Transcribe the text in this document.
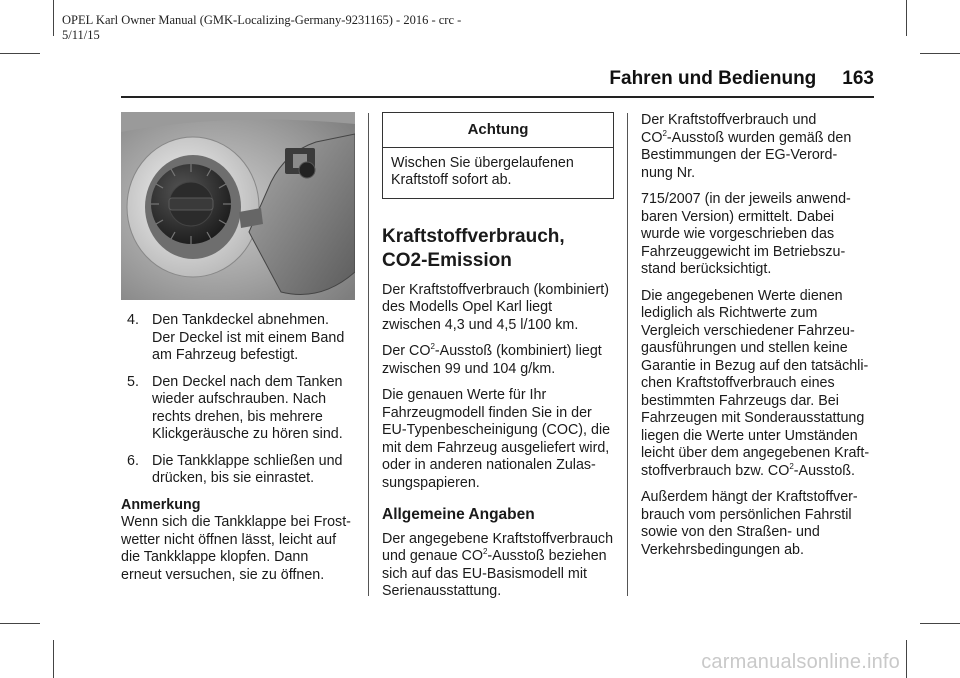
OPEL Karl Owner Manual (GMK-Localizing-Germany-9231165) - 2016 - crc -
5/11/15
Fahren und Bedienung 163
4. Den Tankdeckel abnehmen.
Der Deckel ist mit einem Band
am Fahrzeug befestigt.
5. Den Deckel nach dem Tanken
wieder aufschrauben. Nach
rechts drehen, bis mehrere
Klickgeräusche zu hören sind.
6. Die Tankklappe schließen und
drücken, bis sie einrastet.
Anmerkung
Wenn sich die Tankklappe bei Frost-
wetter nicht öffnen lässt, leicht auf
die Tankklappe klopfen. Dann
erneut versuchen, sie zu öffnen.
Achtung
Wischen Sie übergelaufenen
Kraftstoff sofort ab.
Kraftstoffverbrauch,
CO2-Emission

Der Kraftstoffverbrauch (kombiniert)
des Modells Opel Karl liegt
zwischen 4,3 und 4,5 l/100 km.

Der $CO^2$-Ausstoß (kombiniert) liegt
zwischen 99 und 104 g/km.

Die genauen Werte für Ihr
Fahrzeugmodell finden Sie in der
EU-Typenbescheinigung (COC), die
mit dem Fahrzeug ausgeliefert wird,
oder in anderen nationalen Zulas-
sungspapieren.

Allgemeine Angaben

Der angegebene Kraftstoffverbrauch
und genaue $CO^2$-Ausstoß beziehen
sich auf das EU-Basismodell mit
Serienausstattung.

Der Kraftstoffverbrauch und
$CO^2$-Ausstoß wurden gemäß den
Bestimmungen der EG-Verord-
nung Nr.

715/2007 (in der jeweils anwend-
baren Version) ermittelt. Dabei
wurde wie vorgeschrieben das
Fahrzeuggewicht im Betriebszu-
stand berücksichtigt.

Die angegebenen Werte dienen
lediglich als Richtwerte zum
Vergleich verschiedener Fahrzeu-
gausführungen und stellen keine
Garantie in Bezug auf den tatsächli-
chen Kraftstoffverbrauch eines
bestimmten Fahrzeugs dar. Bei
Fahrzeugen mit Sonderausstattung
liegen die Werte unter Umständen
leicht über dem angegebenen Kraft-
stoffverbrauch bzw. $CO^2$-Ausstoß.

Außerdem hängt der Kraftstoffver-
brauch vom persönlichen Fahrstil
sowie von den Straßen- und
Verkehrsbedingungen ab.

carmanualsonline.info
